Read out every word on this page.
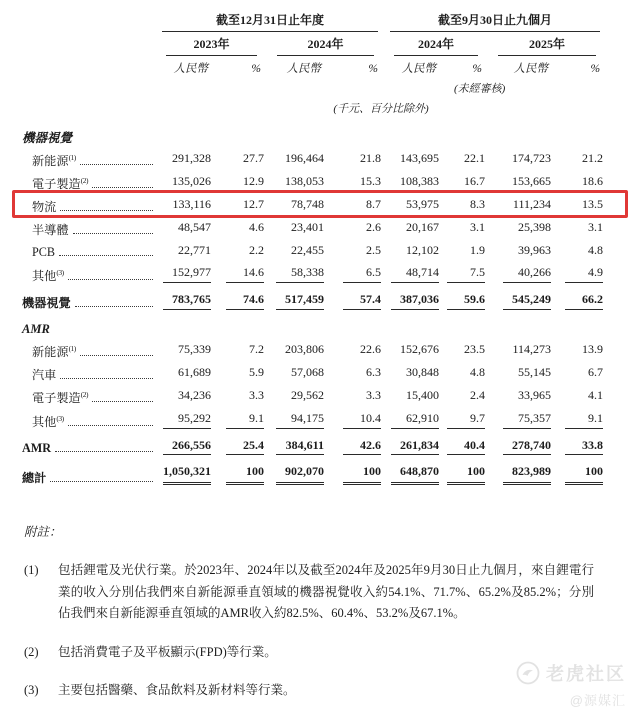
	截至12月31日止年度				截至9月30日止九個月			

	2023年		2024年		2024年		2025年	

	人民幣	%	人民幣	%	人民幣	%	人民幣	%
					(未經審核)			
	(千元、百分比除外)							
機器視覺								

新能源$^{(1)}$	291,328	27.7	196,464	21.8	143,695	22.1	174,723	21.2

電子製造$^{(2)}$	135,026	12.9	138,053	15.3	108,383	16.7	153,665	18.6

物流	133,116	12.7	78,748	8.7	53,975	8.3	111,234	13.5

半導體	48,547	4.6	23,401	2.6	20,167	3.1	25,398	3.1

PCB	22,771	2.2	22,455	2.5	12,102	1.9	39,963	4.8

其他$^{(3)}$	152,977	14.6	58,338	6.5	48,714	7.5	40,266	4.9

機器視覺	783,765	74.6	517,459	57.4	387,036	59.6	545,249	66.2
AMR								

新能源$^{(1)}$	75,339	7.2	203,806	22.6	152,676	23.5	114,273	13.9

汽車	61,689	5.9	57,068	6.3	30,848	4.8	55,145	6.7

電子製造$^{(2)}$	34,236	3.3	29,562	3.3	15,400	2.4	33,965	4.1

其他$^{(3)}$	95,292	9.1	94,175	10.4	62,910	9.7	75,357	9.1

AMR	266,556	25.4	384,611	42.6	261,834	40.4	278,740	33.8

總計	1,050,321	100	902,070	100	648,870	100	823,989	100
附註：
(1)	包括鋰電及光伏行業。於2023年、2024年以及截至2024年及2025年9月30日止九個月，來自鋰電行業的收入分別佔我們來自新能源垂直領域的機器視覺收入約54.1%、71.7%、65.2%及85.2%；分別佔我們來自新能源垂直領域的AMR收入約82.5%、60.4%、53.2%及67.1%。
(2)	包括消費電子及平板顯示(FPD)等行業。
(3)	主要包括醫藥、食品飲料及新材料等行業。
老虎社区
@源媒汇
